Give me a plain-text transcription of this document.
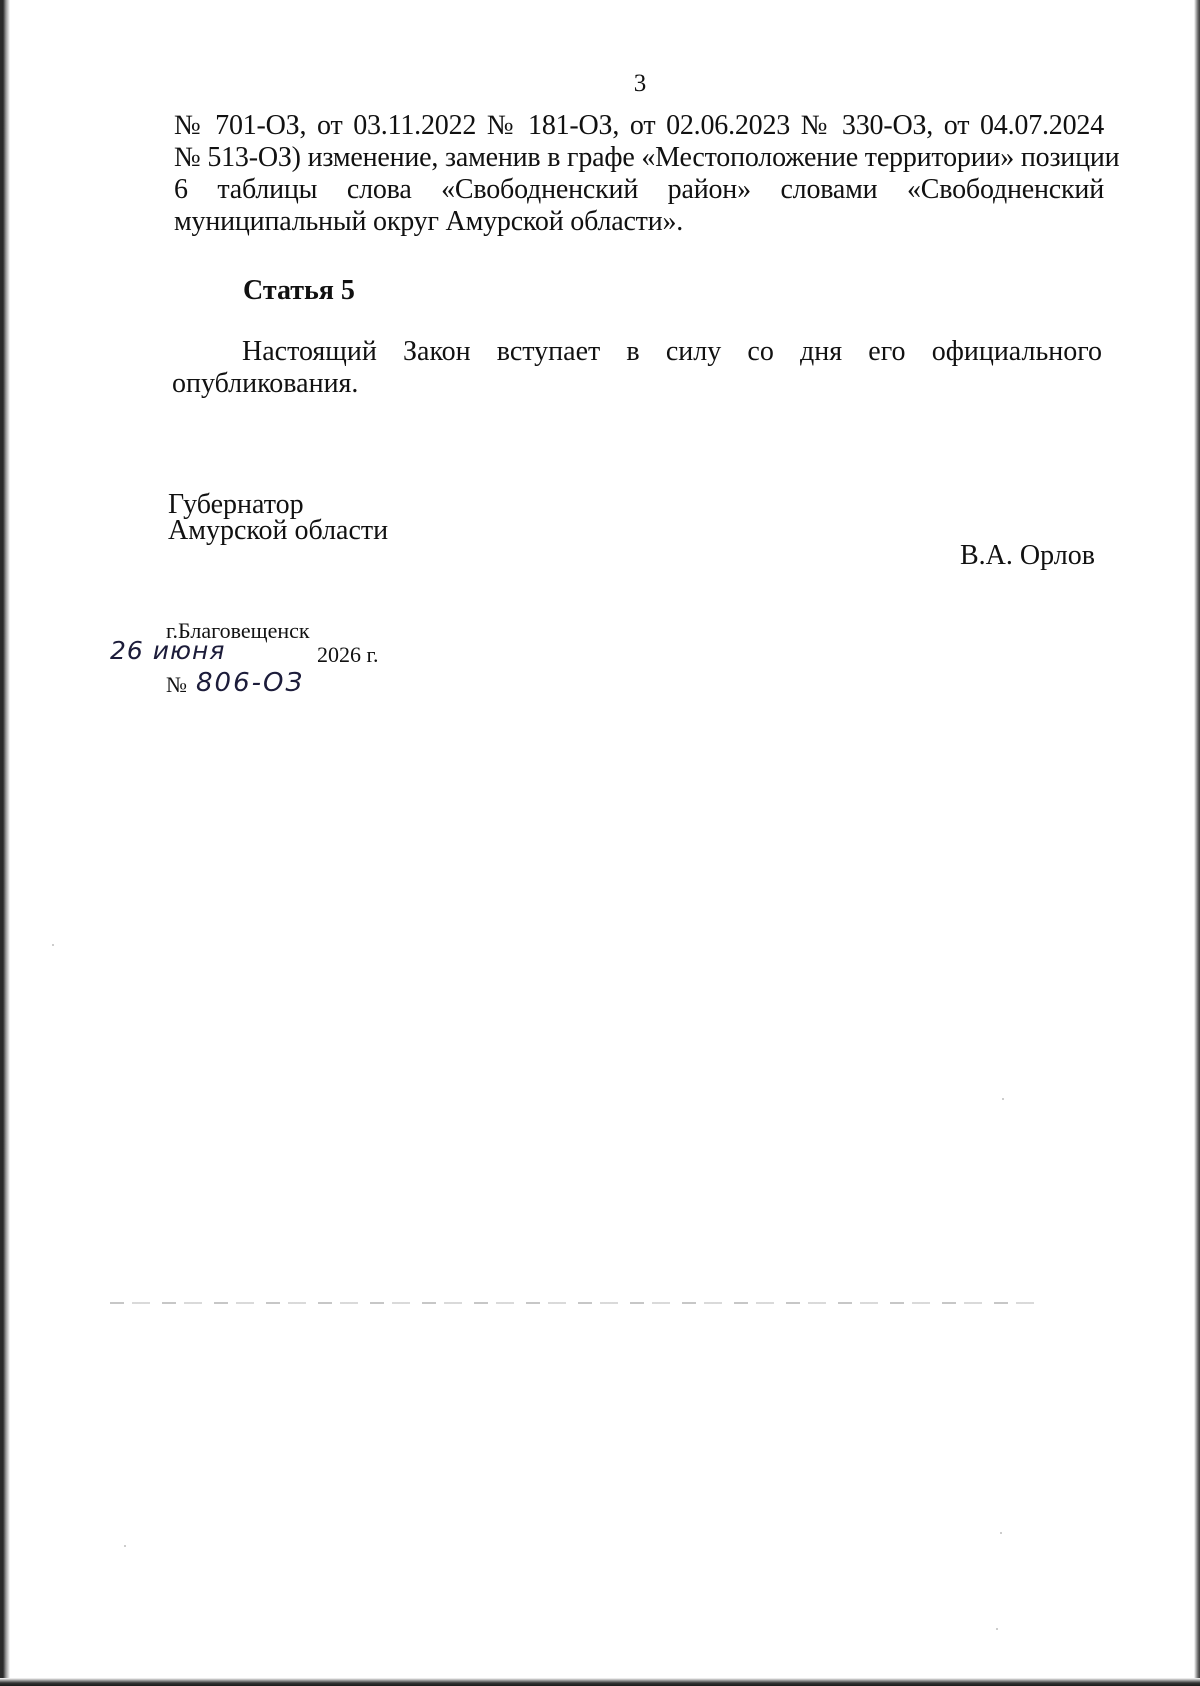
3
№ 701-ОЗ, от 03.11.2022 № 181-ОЗ, от 02.06.2023 № 330-ОЗ, от 04.07.2024
№ 513-ОЗ) изменение, заменив в графе «Местоположение территории» позиции
6 таблицы слова «Свободненский район» словами «Свободненский
муниципальный округ Амурской области».
Статья 5
Настоящий Закон вступает в силу со дня его официального
опубликования.
Губернатор
Амурской области
В.А. Орлов
г.Благовещенск
26 июня	2026 г.
№ 806-ОЗ
